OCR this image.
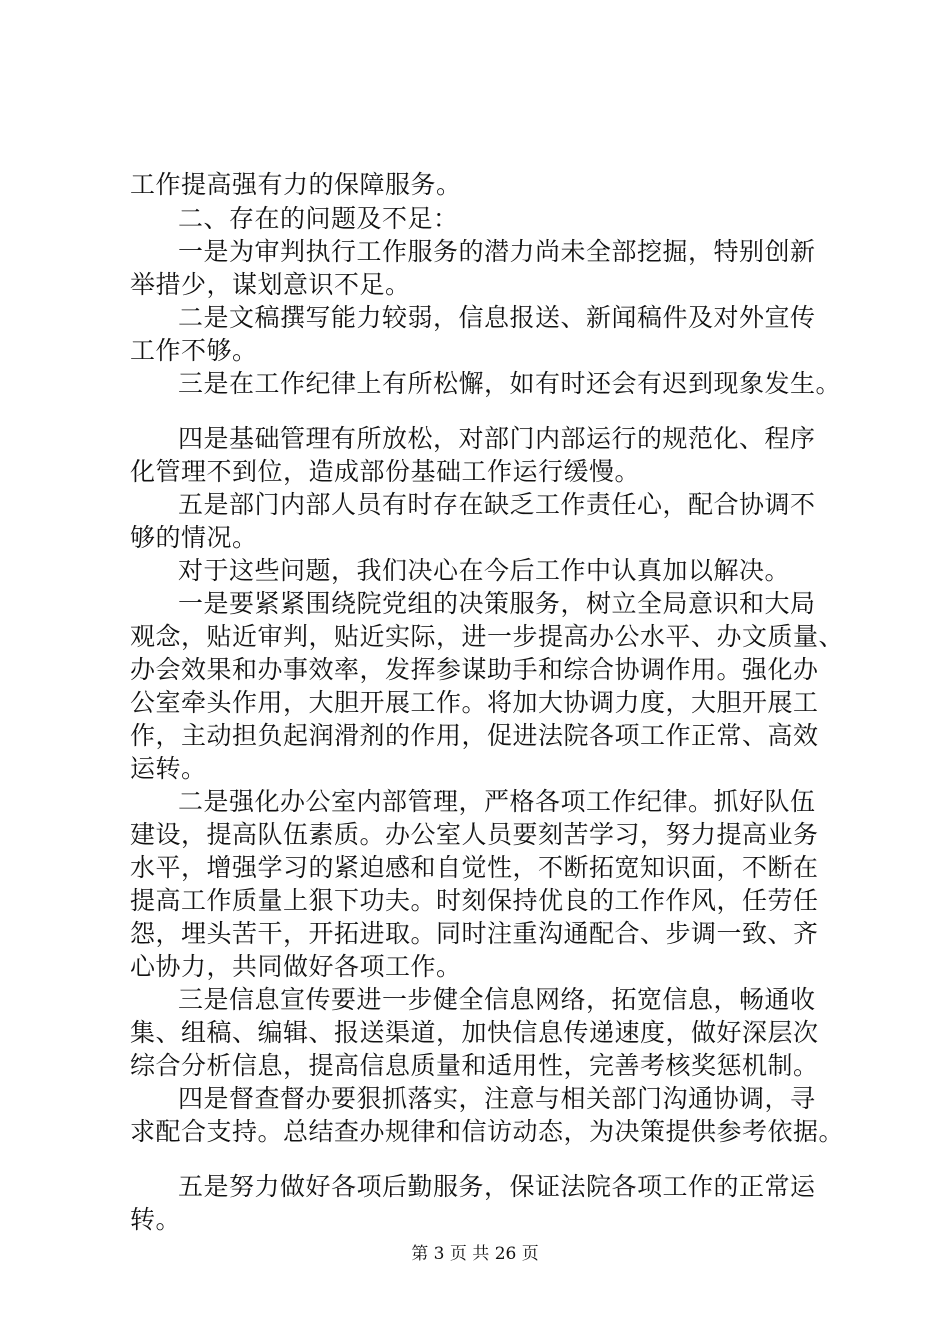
工作提高强有力的保障服务。
二、存在的问题及不足：
一是为审判执行工作服务的潜力尚未全部挖掘，特别创新
举措少，谋划意识不足。
二是文稿撰写能力较弱，信息报送、新闻稿件及对外宣传
工作不够。
三是在工作纪律上有所松懈，如有时还会有迟到现象发生。
四是基础管理有所放松，对部门内部运行的规范化、程序
化管理不到位，造成部份基础工作运行缓慢。
五是部门内部人员有时存在缺乏工作责任心，配合协调不
够的情况。
对于这些问题，我们决心在今后工作中认真加以解决。
一是要紧紧围绕院党组的决策服务，树立全局意识和大局
观念，贴近审判，贴近实际，进一步提高办公水平、办文质量、
办会效果和办事效率，发挥参谋助手和综合协调作用。强化办
公室牵头作用，大胆开展工作。将加大协调力度，大胆开展工
作，主动担负起润滑剂的作用，促进法院各项工作正常、高效
运转。
二是强化办公室内部管理，严格各项工作纪律。抓好队伍
建设，提高队伍素质。办公室人员要刻苦学习，努力提高业务
水平，增强学习的紧迫感和自觉性，不断拓宽知识面，不断在
提高工作质量上狠下功夫。时刻保持优良的工作作风，任劳任
怨，埋头苦干，开拓进取。同时注重沟通配合、步调一致、齐
心协力，共同做好各项工作。
三是信息宣传要进一步健全信息网络，拓宽信息，畅通收
集、组稿、编辑、报送渠道，加快信息传递速度，做好深层次
综合分析信息，提高信息质量和适用性，完善考核奖惩机制。
四是督查督办要狠抓落实，注意与相关部门沟通协调，寻
求配合支持。总结查办规律和信访动态，为决策提供参考依据。
五是努力做好各项后勤服务，保证法院各项工作的正常运
转。
第 3 页 共 26 页
